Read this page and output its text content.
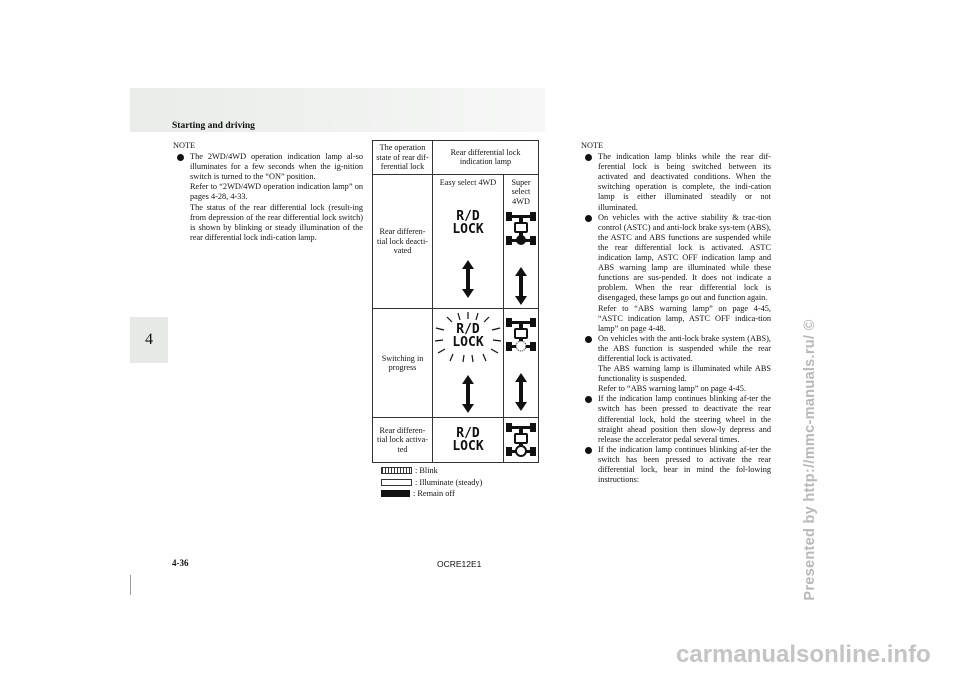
Starting and driving
4
NOTE

The 2WD/4WD operation indication lamp al-so illuminates for a few seconds when the ig-nition switch is turned to the “ON” position.

Refer to “2WD/4WD operation indication lamp” on pages 4-28, 4-33.

The status of the rear differential lock (result-ing from depression of the rear differential lock switch) is shown by blinking or steady illumination of the rear differential lock indi-cation lamp.

The operation state of rear dif-ferential lock	Rear differential lock indication lamp	
Rear differen-tial lock deacti-vated	Easy select 4WD	Super select 4WD

	R/D
LOCK

Switching in progress	R/D
LOCK

Rear differen-tial lock activa-ted	R/D
LOCK

: Blink
: Illuminate (steady)
: Remain off
NOTE

The indication lamp blinks while the rear dif-ferential lock is being switched between its activated and deactivated conditions. When the switching operation is complete, the indi-cation lamp is either illuminated steadily or not illuminated.

On vehicles with the active stability & trac-tion control (ASTC) and anti-lock brake sys-tem (ABS), the ASTC and ABS functions are suspended while the rear differential lock is activated. ASTC indication lamp, ASTC OFF indication lamp and ABS warning lamp are illuminated while these functions are sus-pended. It does not indicate a problem. When the rear differential lock is disengaged, these lamps go out and function again.

Refer to “ABS warning lamp” on page 4-45, “ASTC indication lamp, ASTC OFF indica-tion lamp” on page 4-48.

On vehicles with the anti-lock brake system (ABS), the ABS function is suspended while the rear differential lock is activated.

The ABS warning lamp is illuminated while ABS functionality is suspended.

Refer to “ABS warning lamp” on page 4-45.

If the indication lamp continues blinking af-ter the switch has been pressed to deactivate the rear differential lock, hold the steering wheel in the straight ahead position then slow-ly depress and release the accelerator pedal several times.

If the indication lamp continues blinking af-ter the switch has been pressed to activate the rear differential lock, bear in mind the fol-lowing instructions:

4-36	OCRE12E1	Presented by http://mmc-manuals.ru/ ©
carmanualsonline.info
